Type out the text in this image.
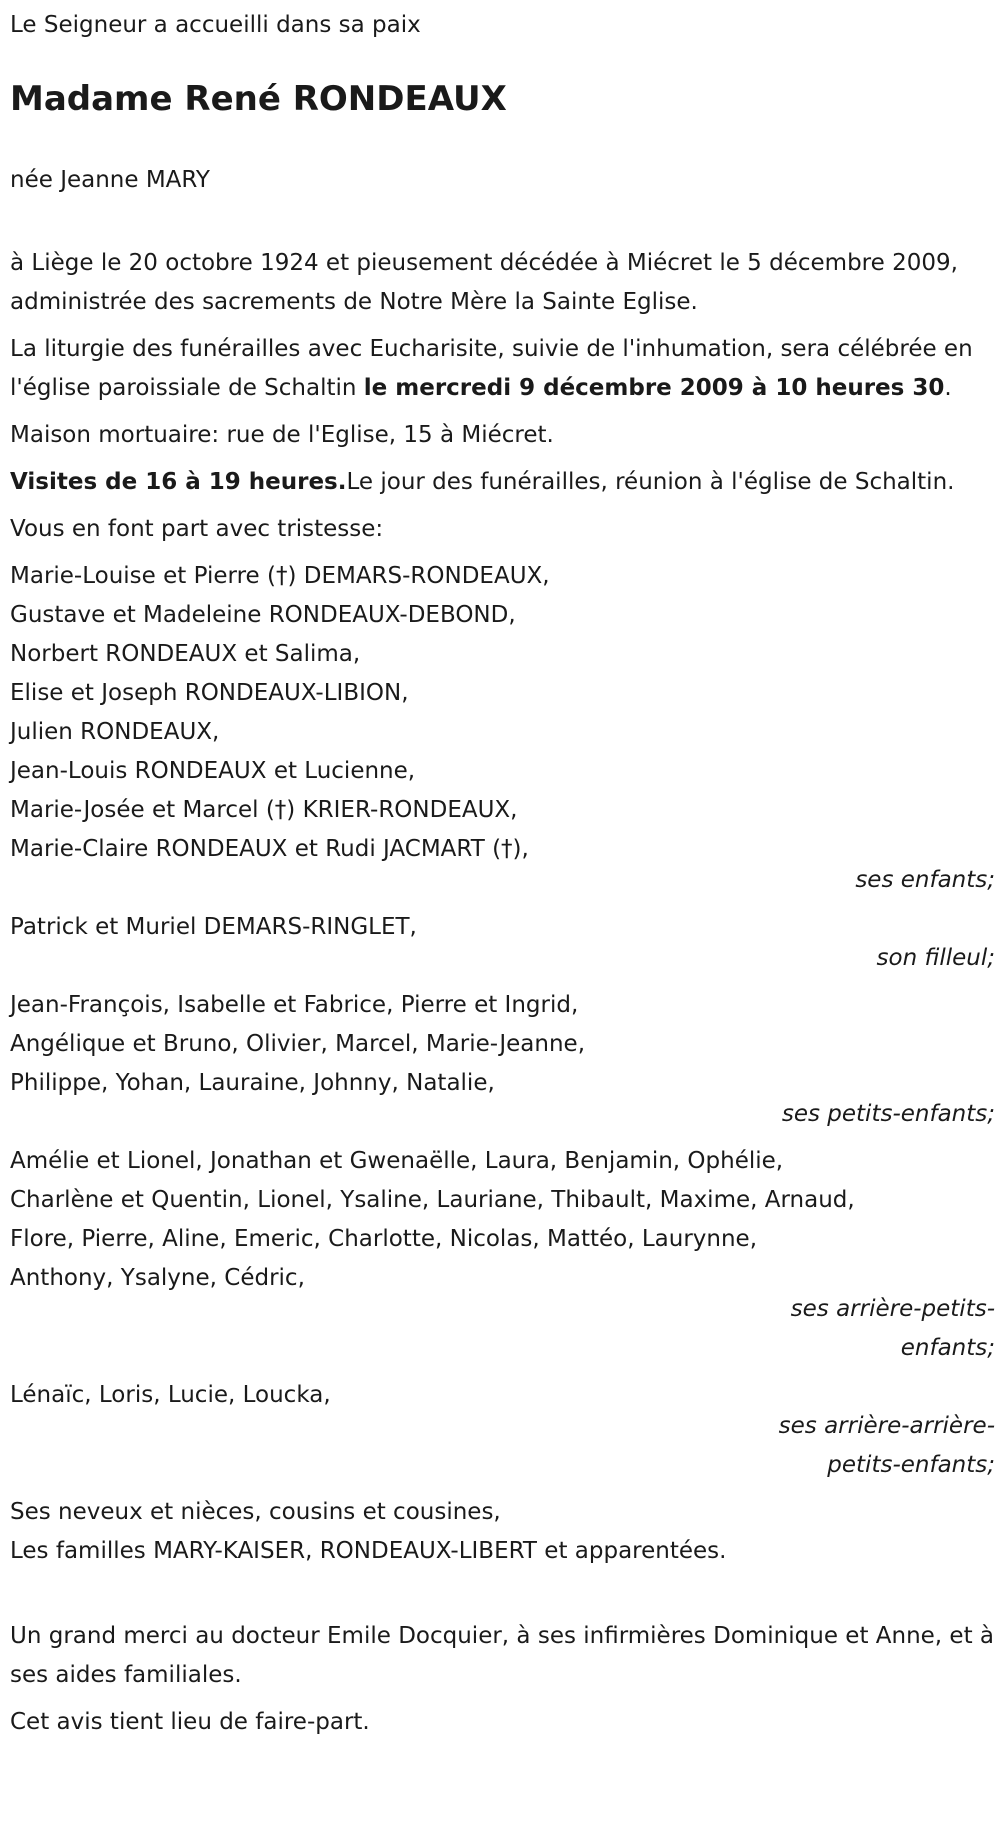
Le Seigneur a accueilli dans sa paix
Madame René RONDEAUX
née Jeanne MARY

à Liège le 20 octobre 1924 et pieusement décédée à Miécret le 5 décembre 2009, administrée des sacrements de Notre Mère la Sainte Eglise.

La liturgie des funérailles avec Eucharisite, suivie de l'inhumation, sera célébrée en l'église paroissiale de Schaltin le mercredi 9 décembre 2009 à 10 heures 30.

Maison mortuaire: rue de l'Eglise, 15 à Miécret.

Visites de 16 à 19 heures.Le jour des funérailles, réunion à l'église de Schaltin.

Vous en font part avec tristesse:

Marie-Louise et Pierre (†) DEMARS-RONDEAUX,
Gustave et Madeleine RONDEAUX-DEBOND,
Norbert RONDEAUX et Salima,
Elise et Joseph RONDEAUX-LIBION,
Julien RONDEAUX,
Jean-Louis RONDEAUX et Lucienne,
Marie-Josée et Marcel (†) KRIER-RONDEAUX,
Marie-Claire RONDEAUX et Rudi JACMART (†),
ses enfants;
Patrick et Muriel DEMARS-RINGLET,
son filleul;
Jean-François, Isabelle et Fabrice, Pierre et Ingrid,
Angélique et Bruno, Olivier, Marcel, Marie-Jeanne,
Philippe, Yohan, Lauraine, Johnny, Natalie,
ses petits-enfants;
Amélie et Lionel, Jonathan et Gwenaëlle, Laura, Benjamin, Ophélie,
Charlène et Quentin, Lionel, Ysaline, Lauriane, Thibault, Maxime, Arnaud,
Flore, Pierre, Aline, Emeric, Charlotte, Nicolas, Mattéo, Laurynne,
Anthony, Ysalyne, Cédric,
ses arrière-petits-
enfants;
Lénaïc, Loris, Lucie, Loucka,
ses arrière-arrière-
petits-enfants;
Ses neveux et nièces, cousins et cousines,
Les familles MARY-KAISER, RONDEAUX-LIBERT et apparentées.

Un grand merci au docteur Emile Docquier, à ses infirmières Dominique et Anne, et à ses aides familiales.

Cet avis tient lieu de faire-part.
